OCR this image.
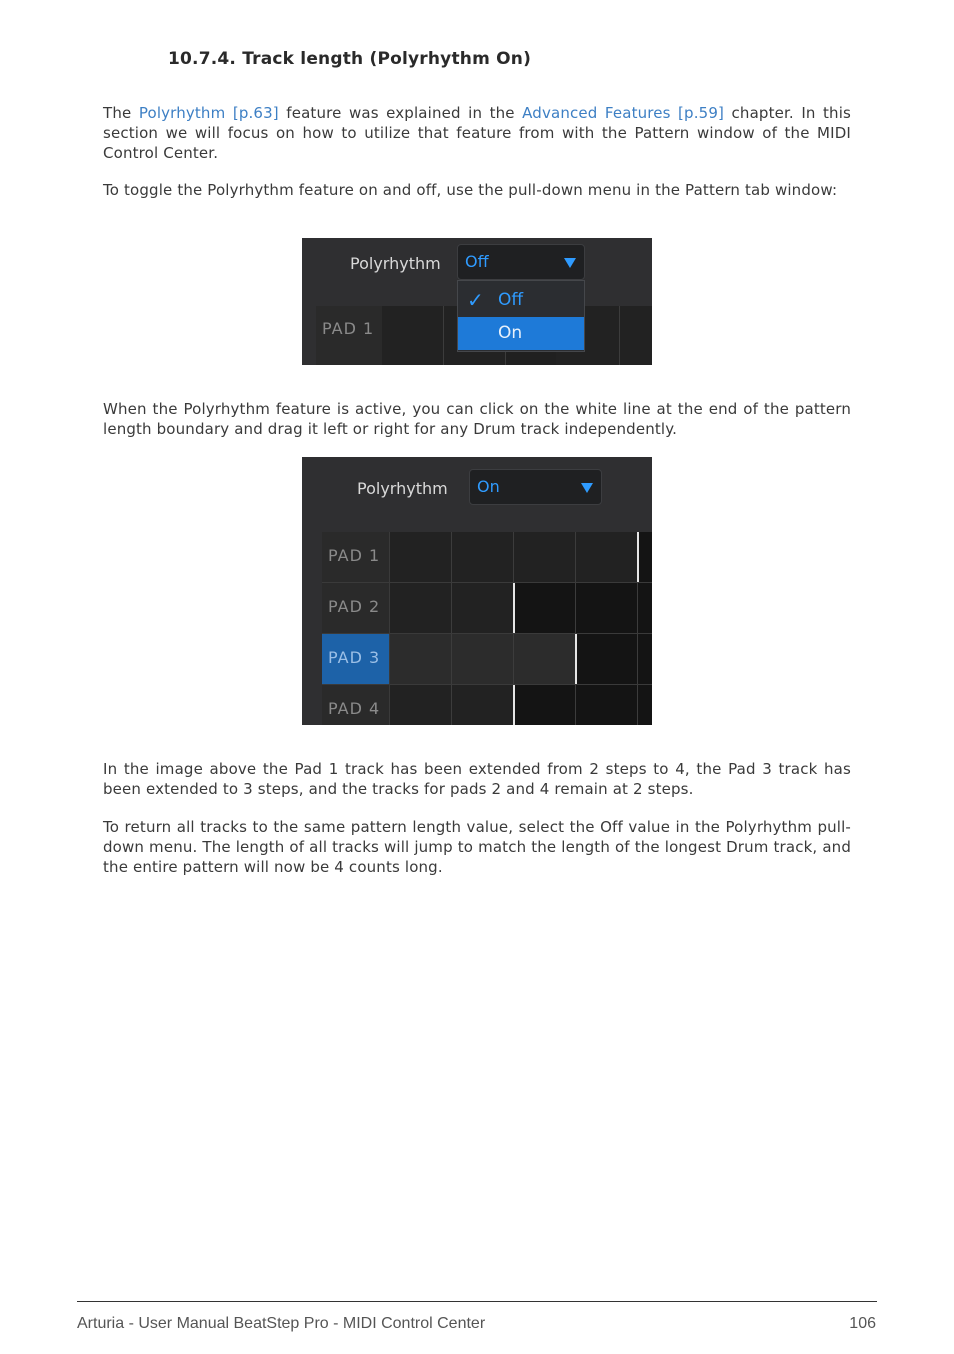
10.7.4. Track length (Polyrhythm On)
The Polyrhythm [p.63] feature was explained in the Advanced Features [p.59] chapter. In this section we will focus on how to utilize that feature from with the Pattern window of the MIDI Control Center.
To toggle the Polyrhythm feature on and off, use the pull-down menu in the Pattern tab window:
Polyrhythm Off
PAD 1
✓ Off
On
When the Polyrhythm feature is active, you can click on the white line at the end of the pattern length boundary and drag it left or right for any Drum track independently.
Polyrhythm On
PAD 1
PAD 2
PAD 3
PAD 4
In the image above the Pad 1 track has been extended from 2 steps to 4, the Pad 3 track has been extended to 3 steps, and the tracks for pads 2 and 4 remain at 2 steps.
To return all tracks to the same pattern length value, select the Off value in the Polyrhythm pull-down menu. The length of all tracks will jump to match the length of the longest Drum track, and the entire pattern will now be 4 counts long.
Arturia - User Manual BeatStep Pro - MIDI Control Center	106
